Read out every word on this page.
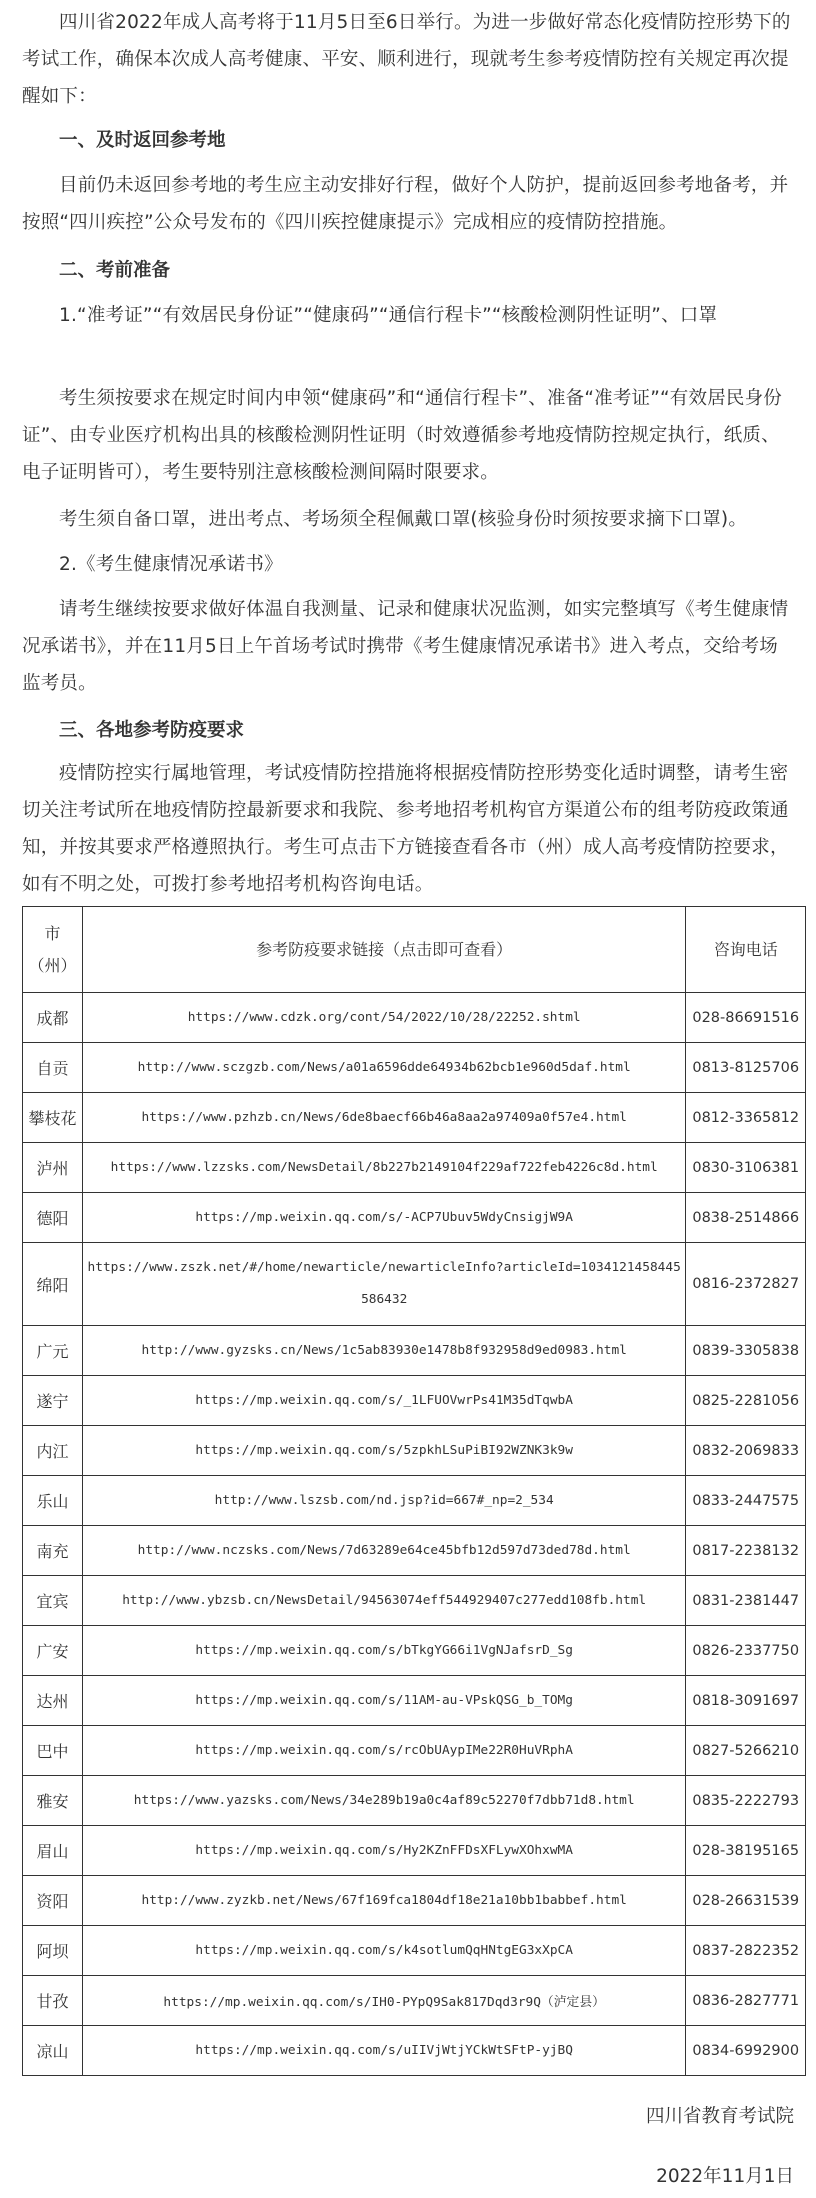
四川省2022年成人高考将于11月5日至6日举行。为进一步做好常态化疫情防控形势下的考试工作，确保本次成人高考健康、平安、顺利进行，现就考生参考疫情防控有关规定再次提醒如下：

一、及时返回参考地

目前仍未返回参考地的考生应主动安排好行程，做好个人防护，提前返回参考地备考，并按照“四川疾控”公众号发布的《四川疾控健康提示》完成相应的疫情防控措施。

二、考前准备

1.“准考证”“有效居民身份证”“健康码”“通信行程卡”“核酸检测阴性证明”、口罩

考生须按要求在规定时间内申领“健康码”和“通信行程卡”、准备“准考证”“有效居民身份证”、由专业医疗机构出具的核酸检测阴性证明（时效遵循参考地疫情防控规定执行，纸质、电子证明皆可），考生要特别注意核酸检测间隔时限要求。

考生须自备口罩，进出考点、考场须全程佩戴口罩(核验身份时须按要求摘下口罩)。

2.《考生健康情况承诺书》

请考生继续按要求做好体温自我测量、记录和健康状况监测，如实完整填写《考生健康情况承诺书》，并在11月5日上午首场考试时携带《考生健康情况承诺书》进入考点，交给考场监考员。

三、各地参考防疫要求

疫情防控实行属地管理，考试疫情防控措施将根据疫情防控形势变化适时调整，请考生密切关注考试所在地疫情防控最新要求和我院、参考地招考机构官方渠道公布的组考防疫政策通知，并按其要求严格遵照执行。考生可点击下方链接查看各市（州）成人高考疫情防控要求，如有不明之处，可拨打参考地招考机构咨询电话。

市（州）	参考防疫要求链接（点击即可查看）	咨询电话
成都	https://www.cdzk.org/cont/54/2022/10/28/22252.shtml	028-86691516
自贡	http://www.sczgzb.com/News/a01a6596dde64934b62bcb1e960d5daf.html	0813-8125706
攀枝花	https://www.pzhzb.cn/News/6de8baecf66b46a8aa2a97409a0f57e4.html	0812-3365812
泸州	https://www.lzzsks.com/NewsDetail/8b227b2149104f229af722feb4226c8d.html	0830-3106381
德阳	https://mp.weixin.qq.com/s/-ACP7Ubuv5WdyCnsigjW9A	0838-2514866
绵阳	https://www.zszk.net/#/home/newarticle/newarticleInfo?articleId=1034121458445586432	0816-2372827
广元	http://www.gyzsks.cn/News/1c5ab83930e1478b8f932958d9ed0983.html	0839-3305838
遂宁	https://mp.weixin.qq.com/s/_1LFUOVwrPs41M35dTqwbA	0825-2281056
内江	https://mp.weixin.qq.com/s/5zpkhLSuPiBI92WZNK3k9w	0832-2069833
乐山	http://www.lszsb.com/nd.jsp?id=667#_np=2_534	0833-2447575
南充	http://www.nczsks.com/News/7d63289e64ce45bfb12d597d73ded78d.html	0817-2238132
宜宾	http://www.ybzsb.cn/NewsDetail/94563074eff544929407c277edd108fb.html	0831-2381447
广安	https://mp.weixin.qq.com/s/bTkgYG66i1VgNJafsrD_Sg	0826-2337750
达州	https://mp.weixin.qq.com/s/11AM-au-VPskQSG_b_TOMg	0818-3091697
巴中	https://mp.weixin.qq.com/s/rcObUAypIMe22R0HuVRphA	0827-5266210
雅安	https://www.yazsks.com/News/34e289b19a0c4af89c52270f7dbb71d8.html	0835-2222793
眉山	https://mp.weixin.qq.com/s/Hy2KZnFFDsXFLywXOhxwMA	028-38195165
资阳	http://www.zyzkb.net/News/67f169fca1804df18e21a10bb1babbef.html	028-26631539
阿坝	https://mp.weixin.qq.com/s/k4sotlumQqHNtgEG3xXpCA	0837-2822352
甘孜	https://mp.weixin.qq.com/s/IH0-PYpQ9Sak817Dqd3r9Q（泸定县）	0836-2827771
凉山	https://mp.weixin.qq.com/s/uIIVjWtjYCkWtSFtP-yjBQ	0834-6992900
四川省教育考试院
2022年11月1日
